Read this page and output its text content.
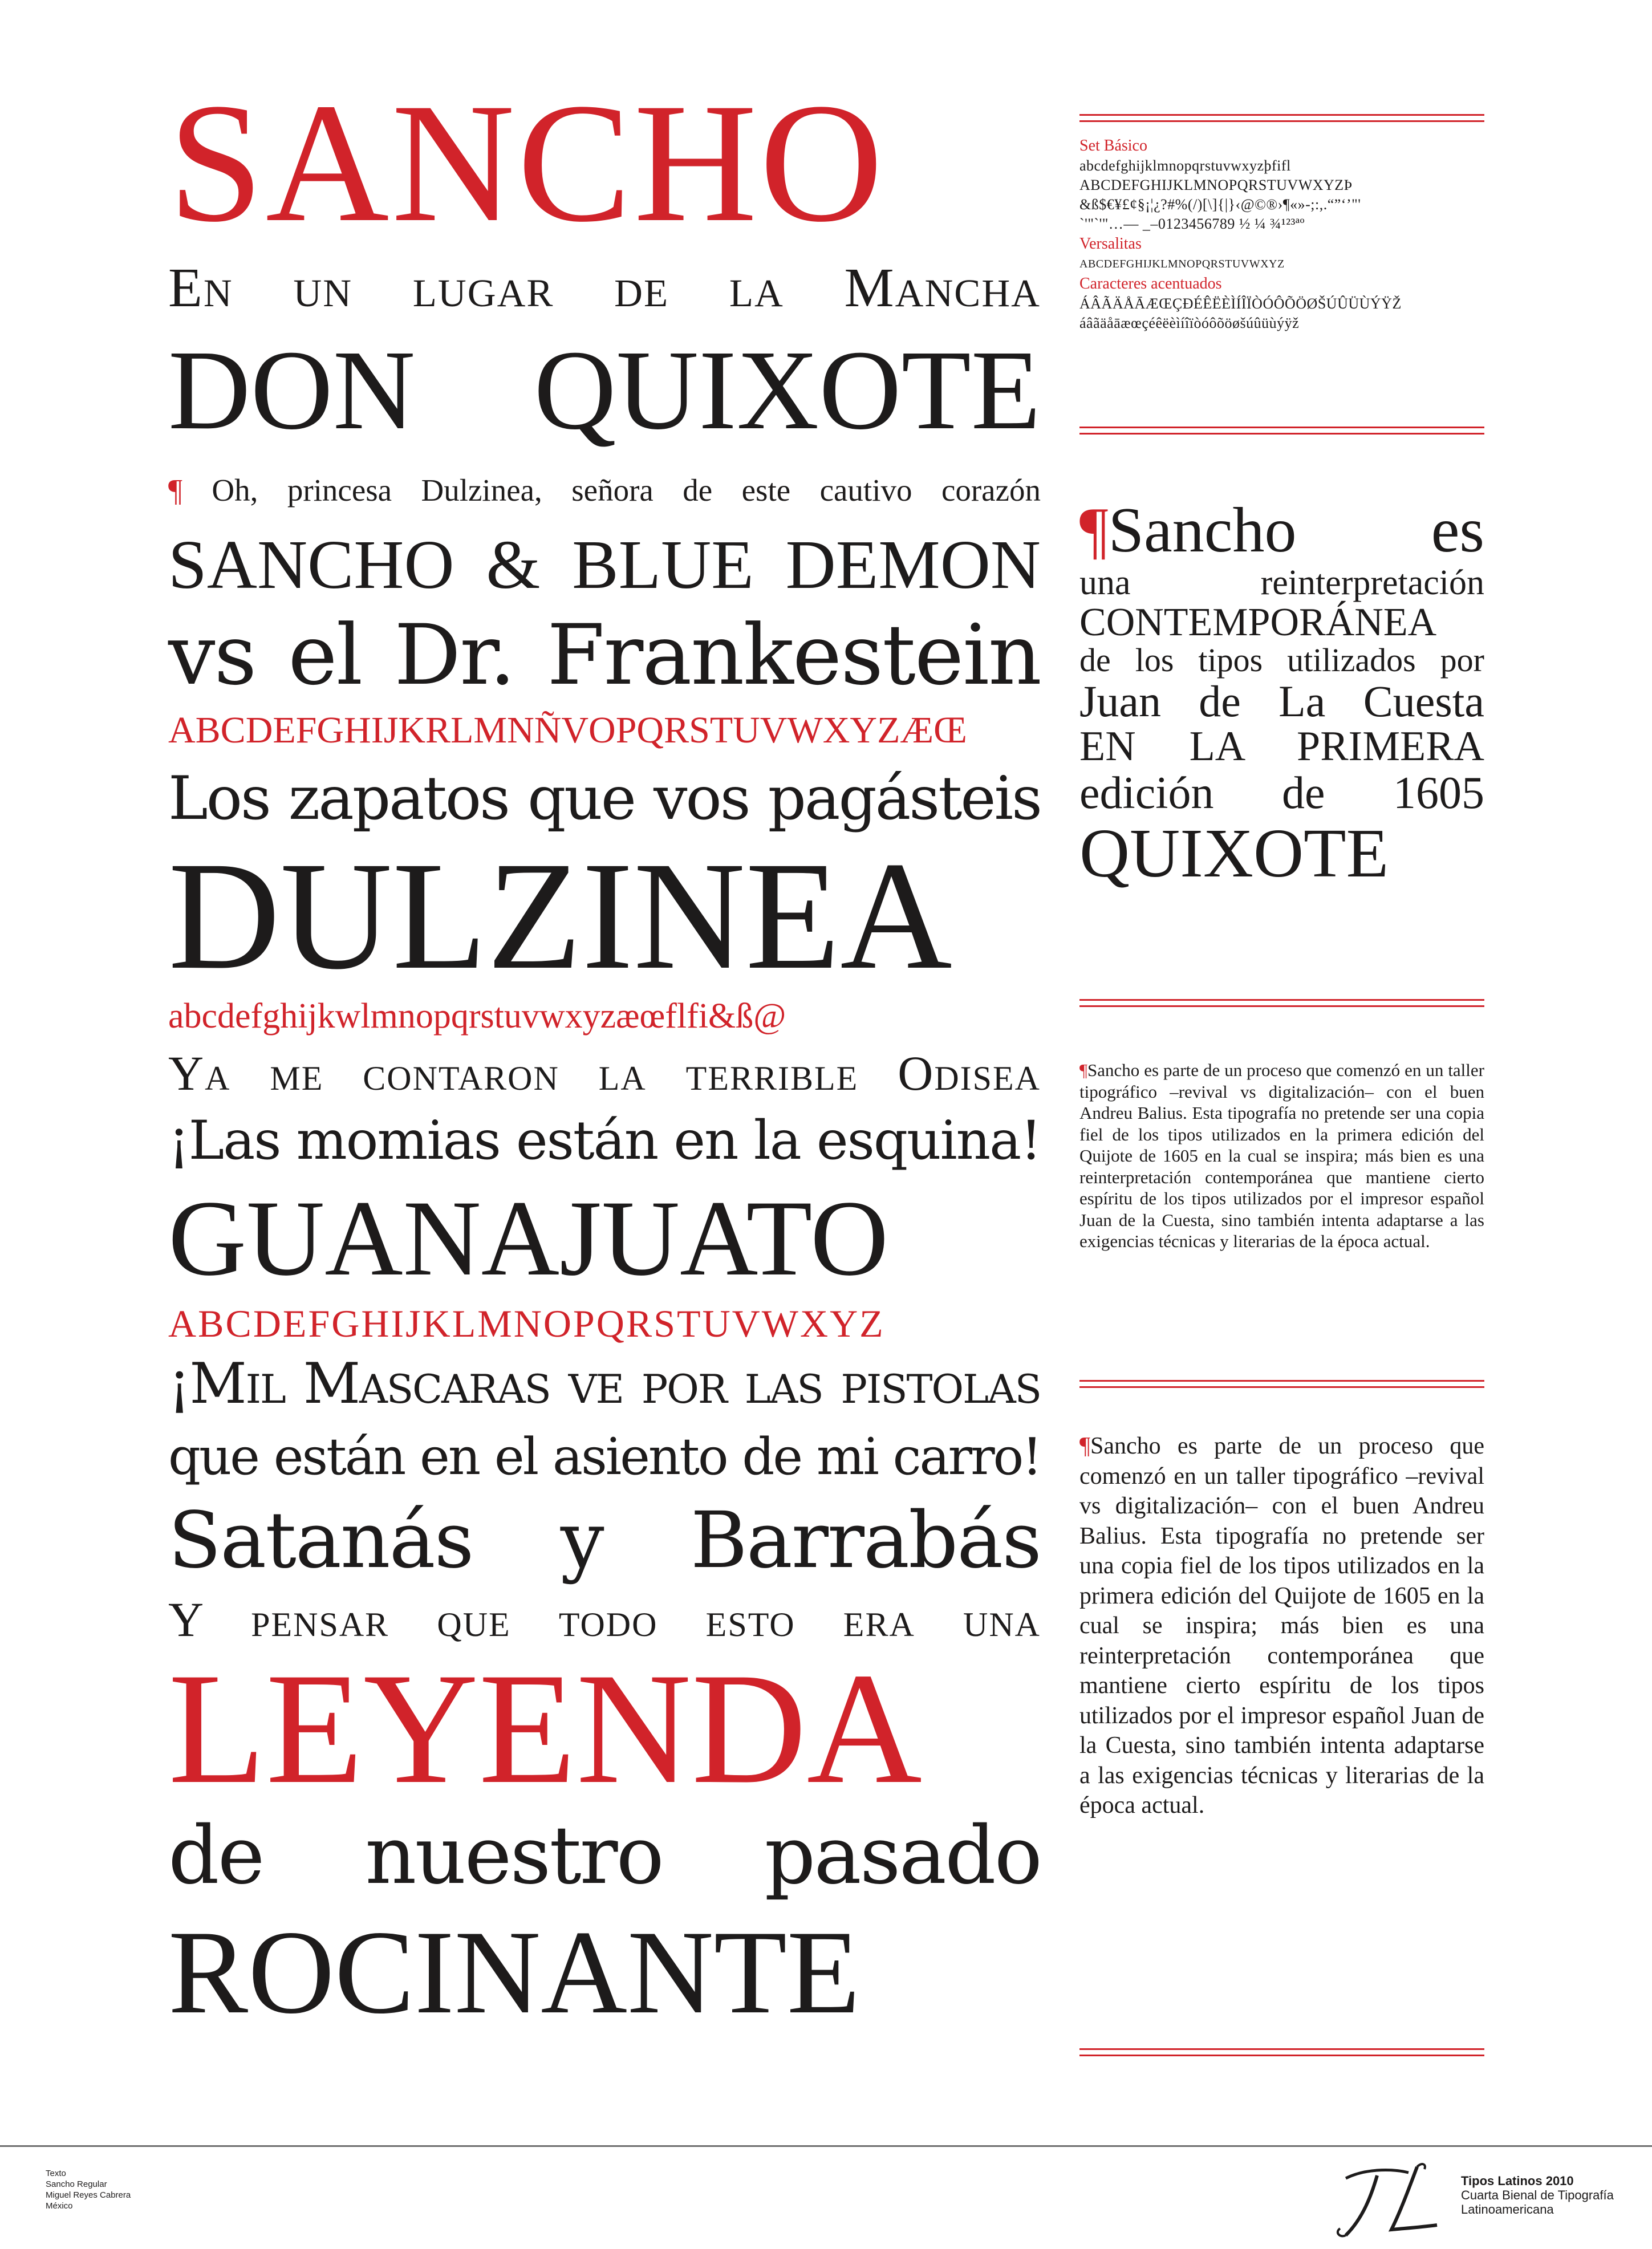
SANCHO
En un lugar de la Mancha
DON QUIXOTE
¶ Oh, princesa Dulzinea, señora de este cautivo corazón
SANCHO & BLUE DEMON
vs el Dr. Frankestein
ABCDEFGHIJKRLMNÑVOPQRSTUVWXYZÆŒ
Los zapatos que vos pagásteis
DULZINEA
abcdefghijkwlmnopqrstuvwxyzæœflfi&ß@
Ya me contaron la terrible Odisea
¡Las momias están en la esquina!
GUANAJUATO
ABCDEFGHIJKLMNOPQRSTUVWXYZ
¡Mil Mascaras ve por las pistolas
que están en el asiento de mi carro!
Satanás y Barrabás
Y pensar que todo esto era una
LEYENDA
de nuestro pasado
ROCINANTE
Set Básico
abcdefghijklmnopqrstuvwxyzþfifl
ABCDEFGHIJKLMNOPQRSTUVWXYZÞ
&ß$€¥£¢§¡¦¿?#%(/)[\]{|}‹@©®›¶«»-;:,.“”‘’"'
`'"`'"…— _–0123456789 ½ ¼ ¾¹²³ªº
Versalitas
ABCDEFGHIJKLMNOPQRSTUVWXYZ
Caracteres acentuados
ÁÂÃÄÅĀÆŒÇĐÉÊËÈÌÍÎÏÒÓÔÕÖØŠÚÛÜÙÝŸŽ
áâãäåāæœçéêëèìíîïòóôõöøšúûüùýÿž
¶Sancho es
una reinterpretación
CONTEMPORÁNEA
de los tipos utilizados por
Juan de La Cuesta
EN LA PRIMERA
edición de 1605
QUIXOTE
¶Sancho es parte de un proceso que comenzó en un taller tipográfico –revival vs digitalización– con el buen Andreu Balius. Esta tipografía no pretende ser una copia fiel de los tipos utilizados en la primera edición del Quijote de 1605 en la cual se inspira; más bien es una reinterpretación contemporánea que mantiene cierto espíritu de los tipos utilizados por el impresor español Juan de la Cuesta, sino también intenta adaptarse a las exigencias técnicas y literarias de la época actual.
¶Sancho es parte de un proceso que comenzó en un taller tipográfico –revival vs digitalización– con el buen Andreu Balius. Esta tipografía no pretende ser una copia fiel de los tipos utilizados en la primera edición del Quijote de 1605 en la cual se inspira; más bien es una reinterpretación contemporánea que mantiene cierto espíritu de los tipos utilizados por el impresor español Juan de la Cuesta, sino también intenta adaptarse a las exigencias técnicas y literarias de la época actual.
Texto
Sancho Regular
Miguel Reyes Cabrera
México
Tipos Latinos 2010
Cuarta Bienal de Tipografía
Latinoamericana
